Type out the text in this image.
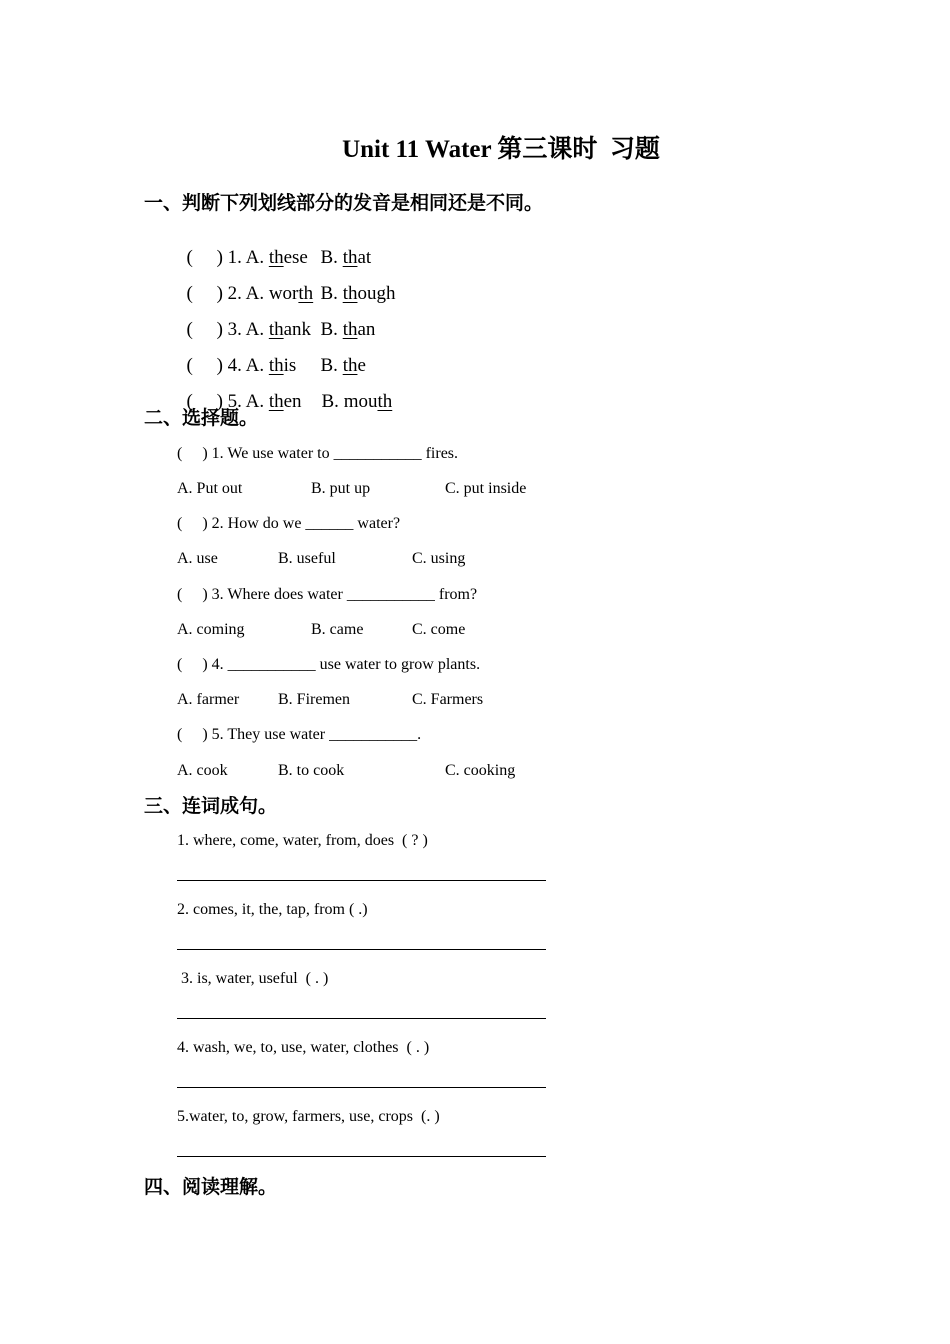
Unit 11 Water 第三课时  习题
一、判断下列划线部分的发音是相同还是不同。

(     ) 1. A. these B. that

(     ) 2. A. worth B. though

(     ) 3. A. thank B. than

(     ) 4. A. this	B. the

(     ) 5. A. then	B. mouth

二、选择题。
(     ) 1. We use water to ___________ fires.
A. Put out	B. put up	C. put inside
(     ) 2. How do we ______ water?
A. use	B. useful	C. using
(     ) 3. Where does water ___________ from?
A. coming	B. came	C. come
(     ) 4. ___________ use water to grow plants.
A. farmer B. Firemen	C. Farmers
(     ) 5. They use water ___________.
A. cook	B. to cook	C. cooking
三、连词成句。
1. where, come, water, from, does  ( ? )
2. comes, it, the, tap, from ( .)
3. is, water, useful  ( . )
4. wash, we, to, use, water, clothes  ( . )
5.water, to, grow, farmers, use, crops  (. )
四、阅读理解。
